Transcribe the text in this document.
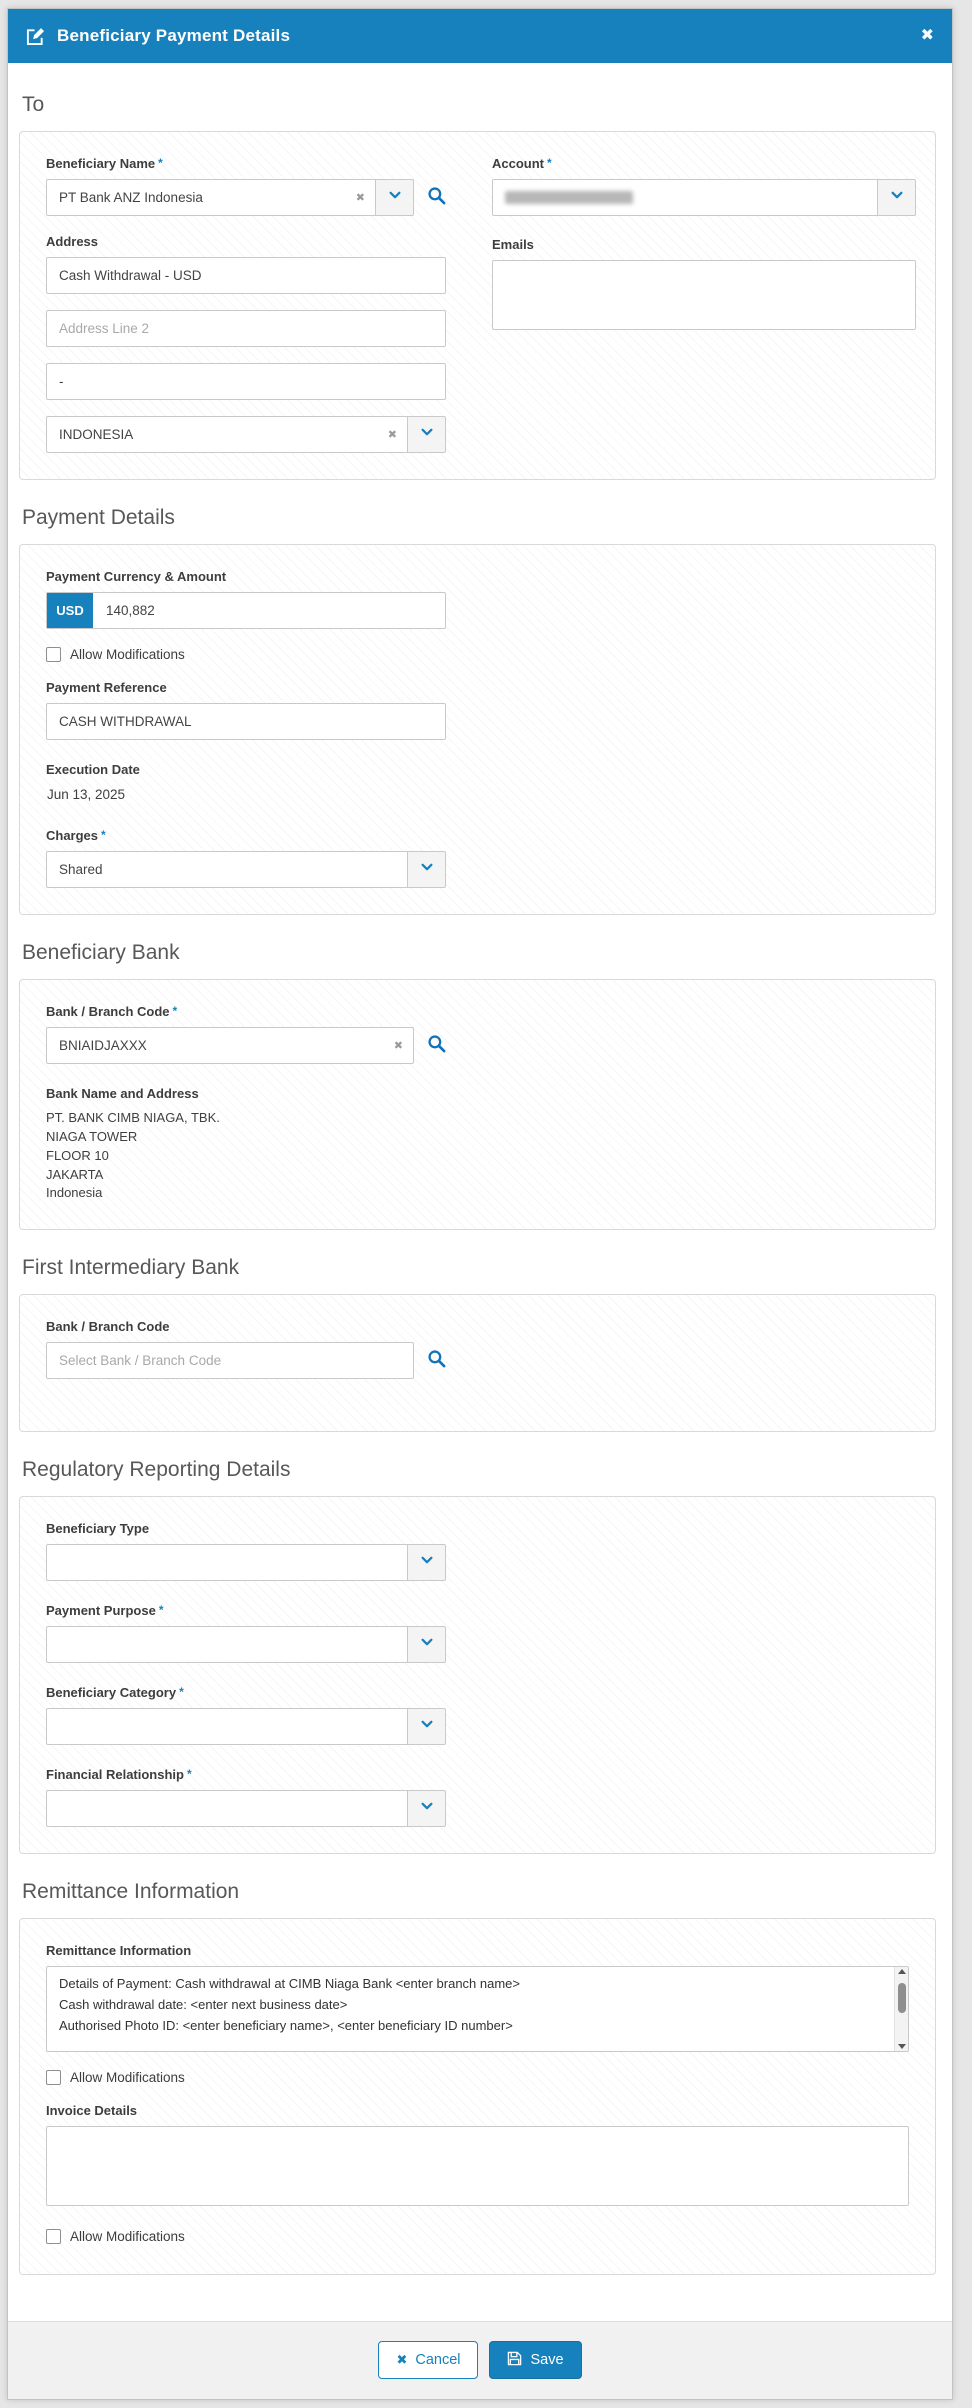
Beneficiary Payment Details	✖
To
Beneficiary Name *
PT Bank ANZ Indonesia	✖
Address
Cash Withdrawal - USD Address Line 2 -
INDONESIA	✖
Account *
Emails
Payment Details
Payment Currency & Amount
USD	140,882
Allow Modifications
Payment Reference
CASH WITHDRAWAL
Execution Date
Jun 13, 2025
Charges *
Shared
Beneficiary Bank
Bank / Branch Code *
BNIAIDJAXXX	✖
Bank Name and Address
PT. BANK CIMB NIAGA, TBK.
NIAGA TOWER
FLOOR 10
JAKARTA
Indonesia
First Intermediary Bank
Bank / Branch Code
Select Bank / Branch Code
Regulatory Reporting Details
Beneficiary Type
Payment Purpose *
Beneficiary Category *
Financial Relationship *
Remittance Information
Remittance Information
Details of Payment: Cash withdrawal at CIMB Niaga Bank <enter branch name>
Cash withdrawal date: <enter next business date>
Authorised Photo ID: <enter beneficiary name>, <enter beneficiary ID number>
Allow Modifications
Invoice Details
Allow Modifications
✖ Cancel	Save
